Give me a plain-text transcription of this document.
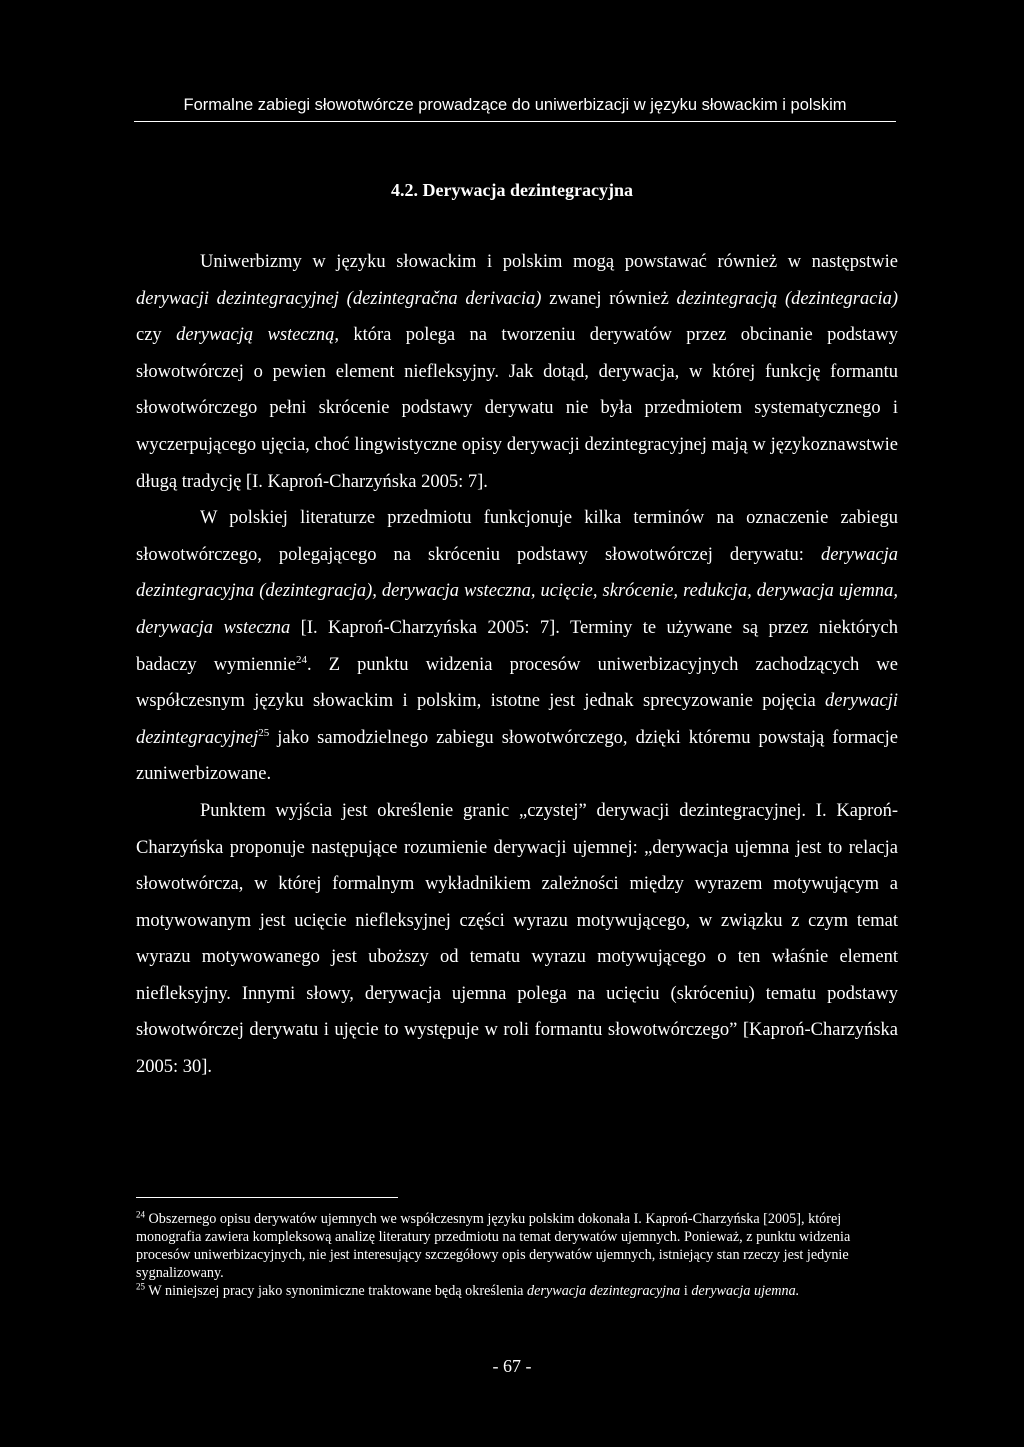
Formalne zabiegi słowotwórcze prowadzące do uniwerbizacji w języku słowackim i polskim
4.2. Derywacja dezintegracyjna

Uniwerbizmy w języku słowackim i polskim mogą powstawać również w następstwie derywacji dezintegracyjnej (dezintegračna derivacia) zwanej również dezintegracją (dezintegracia) czy derywacją wsteczną, która polega na tworzeniu derywatów przez obcinanie podstawy słowotwórczej o pewien element niefleksyjny. Jak dotąd, derywacja, w której funkcję formantu słowotwórczego pełni skrócenie podstawy derywatu nie była przedmiotem systematycznego i wyczerpującego ujęcia, choć lingwistyczne opisy derywacji dezintegracyjnej mają w językoznawstwie długą tradycję [I. Kaproń-Charzyńska 2005: 7].

W polskiej literaturze przedmiotu funkcjonuje kilka terminów na oznaczenie zabiegu słowotwórczego, polegającego na skróceniu podstawy słowotwórczej derywatu: derywacja dezintegracyjna (dezintegracja), derywacja wsteczna, ucięcie, skrócenie, redukcja, derywacja ujemna, derywacja wsteczna [I. Kaproń-Charzyńska 2005: 7]. Terminy te używane są przez niektórych badaczy wymiennie$^{24}$. Z punktu widzenia procesów uniwerbizacyjnych zachodzących we współczesnym języku słowackim i polskim, istotne jest jednak sprecyzowanie pojęcia derywacji dezintegracyjnej$^{25}$ jako samodzielnego zabiegu słowotwórczego, dzięki któremu powstają formacje zuniwerbizowane.

Punktem wyjścia jest określenie granic „czystej” derywacji dezintegracyjnej. I. Kaproń-Charzyńska proponuje następujące rozumienie derywacji ujemnej: „derywacja ujemna jest to relacja słowotwórcza, w której formalnym wykładnikiem zależności między wyrazem motywującym a motywowanym jest ucięcie niefleksyjnej części wyrazu motywującego, w związku z czym temat wyrazu motywowanego jest uboższy od tematu wyrazu motywującego o ten właśnie element niefleksyjny. Innymi słowy, derywacja ujemna polega na ucięciu (skróceniu) tematu podstawy słowotwórczej derywatu i ujęcie to występuje w roli formantu słowotwórczego” [Kaproń-Charzyńska 2005: 30].

$^{24}$ Obszernego opisu derywatów ujemnych we współczesnym języku polskim dokonała I. Kaproń-Charzyńska [2005], której monografia zawiera kompleksową analizę literatury przedmiotu na temat derywatów ujemnych. Ponieważ, z punktu widzenia procesów uniwerbizacyjnych, nie jest interesujący szczegółowy opis derywatów ujemnych, istniejący stan rzeczy jest jedynie sygnalizowany.

$^{25}$ W niniejszej pracy jako synonimiczne traktowane będą określenia derywacja dezintegracyjna i derywacja ujemna.

- 67 -
